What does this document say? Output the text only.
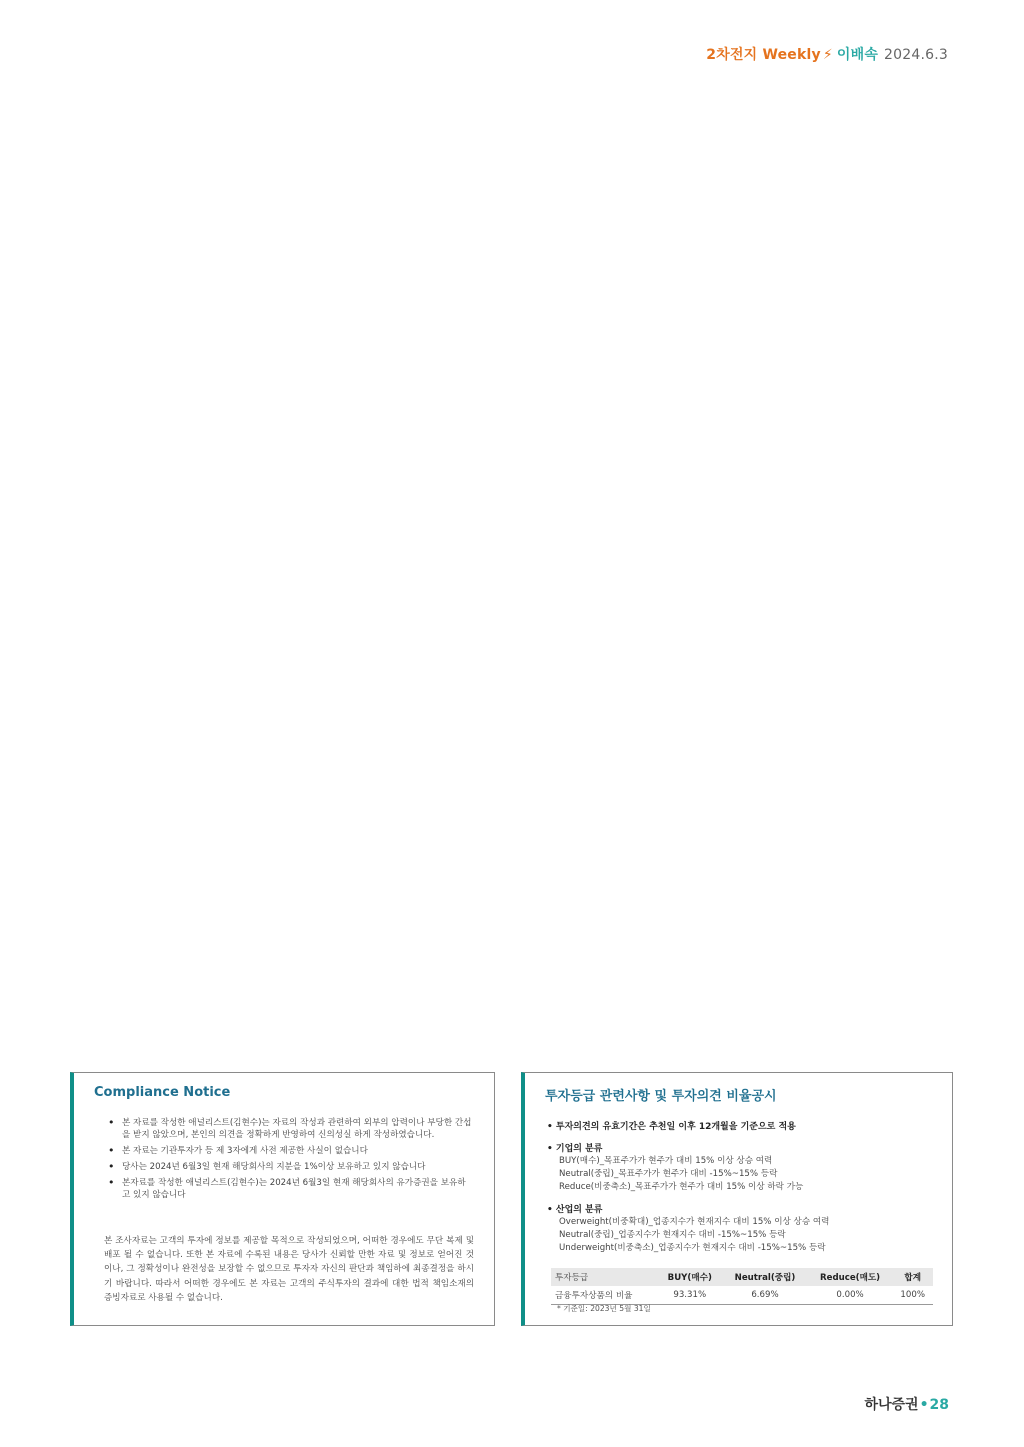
2차전지 Weekly ⚡ 이배속 2024.6.3
Compliance Notice
• 본 자료를 작성한 애널리스트(김현수)는 자료의 작성과 관련하여 외부의 압력이나 부당한 간섭을 받지 않았으며, 본인의 의견을 정확하게 반영하여 신의성실 하게 작성하였습니다.
• 본 자료는 기관투자가 등 제 3자에게 사전 제공한 사실이 없습니다
• 당사는 2024년 6월3일 현재 해당회사의 지분을 1%이상 보유하고 있지 않습니다
• 본자료를 작성한 애널리스트(김현수)는 2024년 6월3일 현재 해당회사의 유가증권을 보유하고 있지 않습니다
본 조사자료는 고객의 투자에 정보를 제공할 목적으로 작성되었으며, 어떠한 경우에도 무단 복제 및 배포 될 수 없습니다. 또한 본 자료에 수록된 내용은 당사가 신뢰할 만한 자료 및 정보로 얻어진 것이나, 그 정확성이나 완전성을 보장할 수 없으므로 투자자 자신의 판단과 책임하에 최종결정을 하시기 바랍니다. 따라서 어떠한 경우에도 본 자료는 고객의 주식투자의 결과에 대한 법적 책임소재의 증빙자료로 사용될 수 없습니다.
투자등급 관련사항 및 투자의견 비율공시
• 투자의견의 유효기간은 추천일 이후 12개월을 기준으로 적용
• 기업의 분류
BUY(매수)_목표주가가 현주가 대비 15% 이상 상승 여력
Neutral(중립)_목표주가가 현주가 대비 -15%~15% 등락
Reduce(비중축소)_목표주가가 현주가 대비 15% 이상 하락 가능
• 산업의 분류
Overweight(비중확대)_업종지수가 현재지수 대비 15% 이상 상승 여력
Neutral(중립)_업종지수가 현재지수 대비 -15%~15% 등락
Underweight(비중축소)_업종지수가 현재지수 대비 -15%~15% 등락
투자등급	BUY(매수)	Neutral(중립)	Reduce(매도)	합계
금융투자상품의 비율	93.31%	6.69%	0.00%	100%
* 기준일: 2023년 5월 31일
하나증권•28
